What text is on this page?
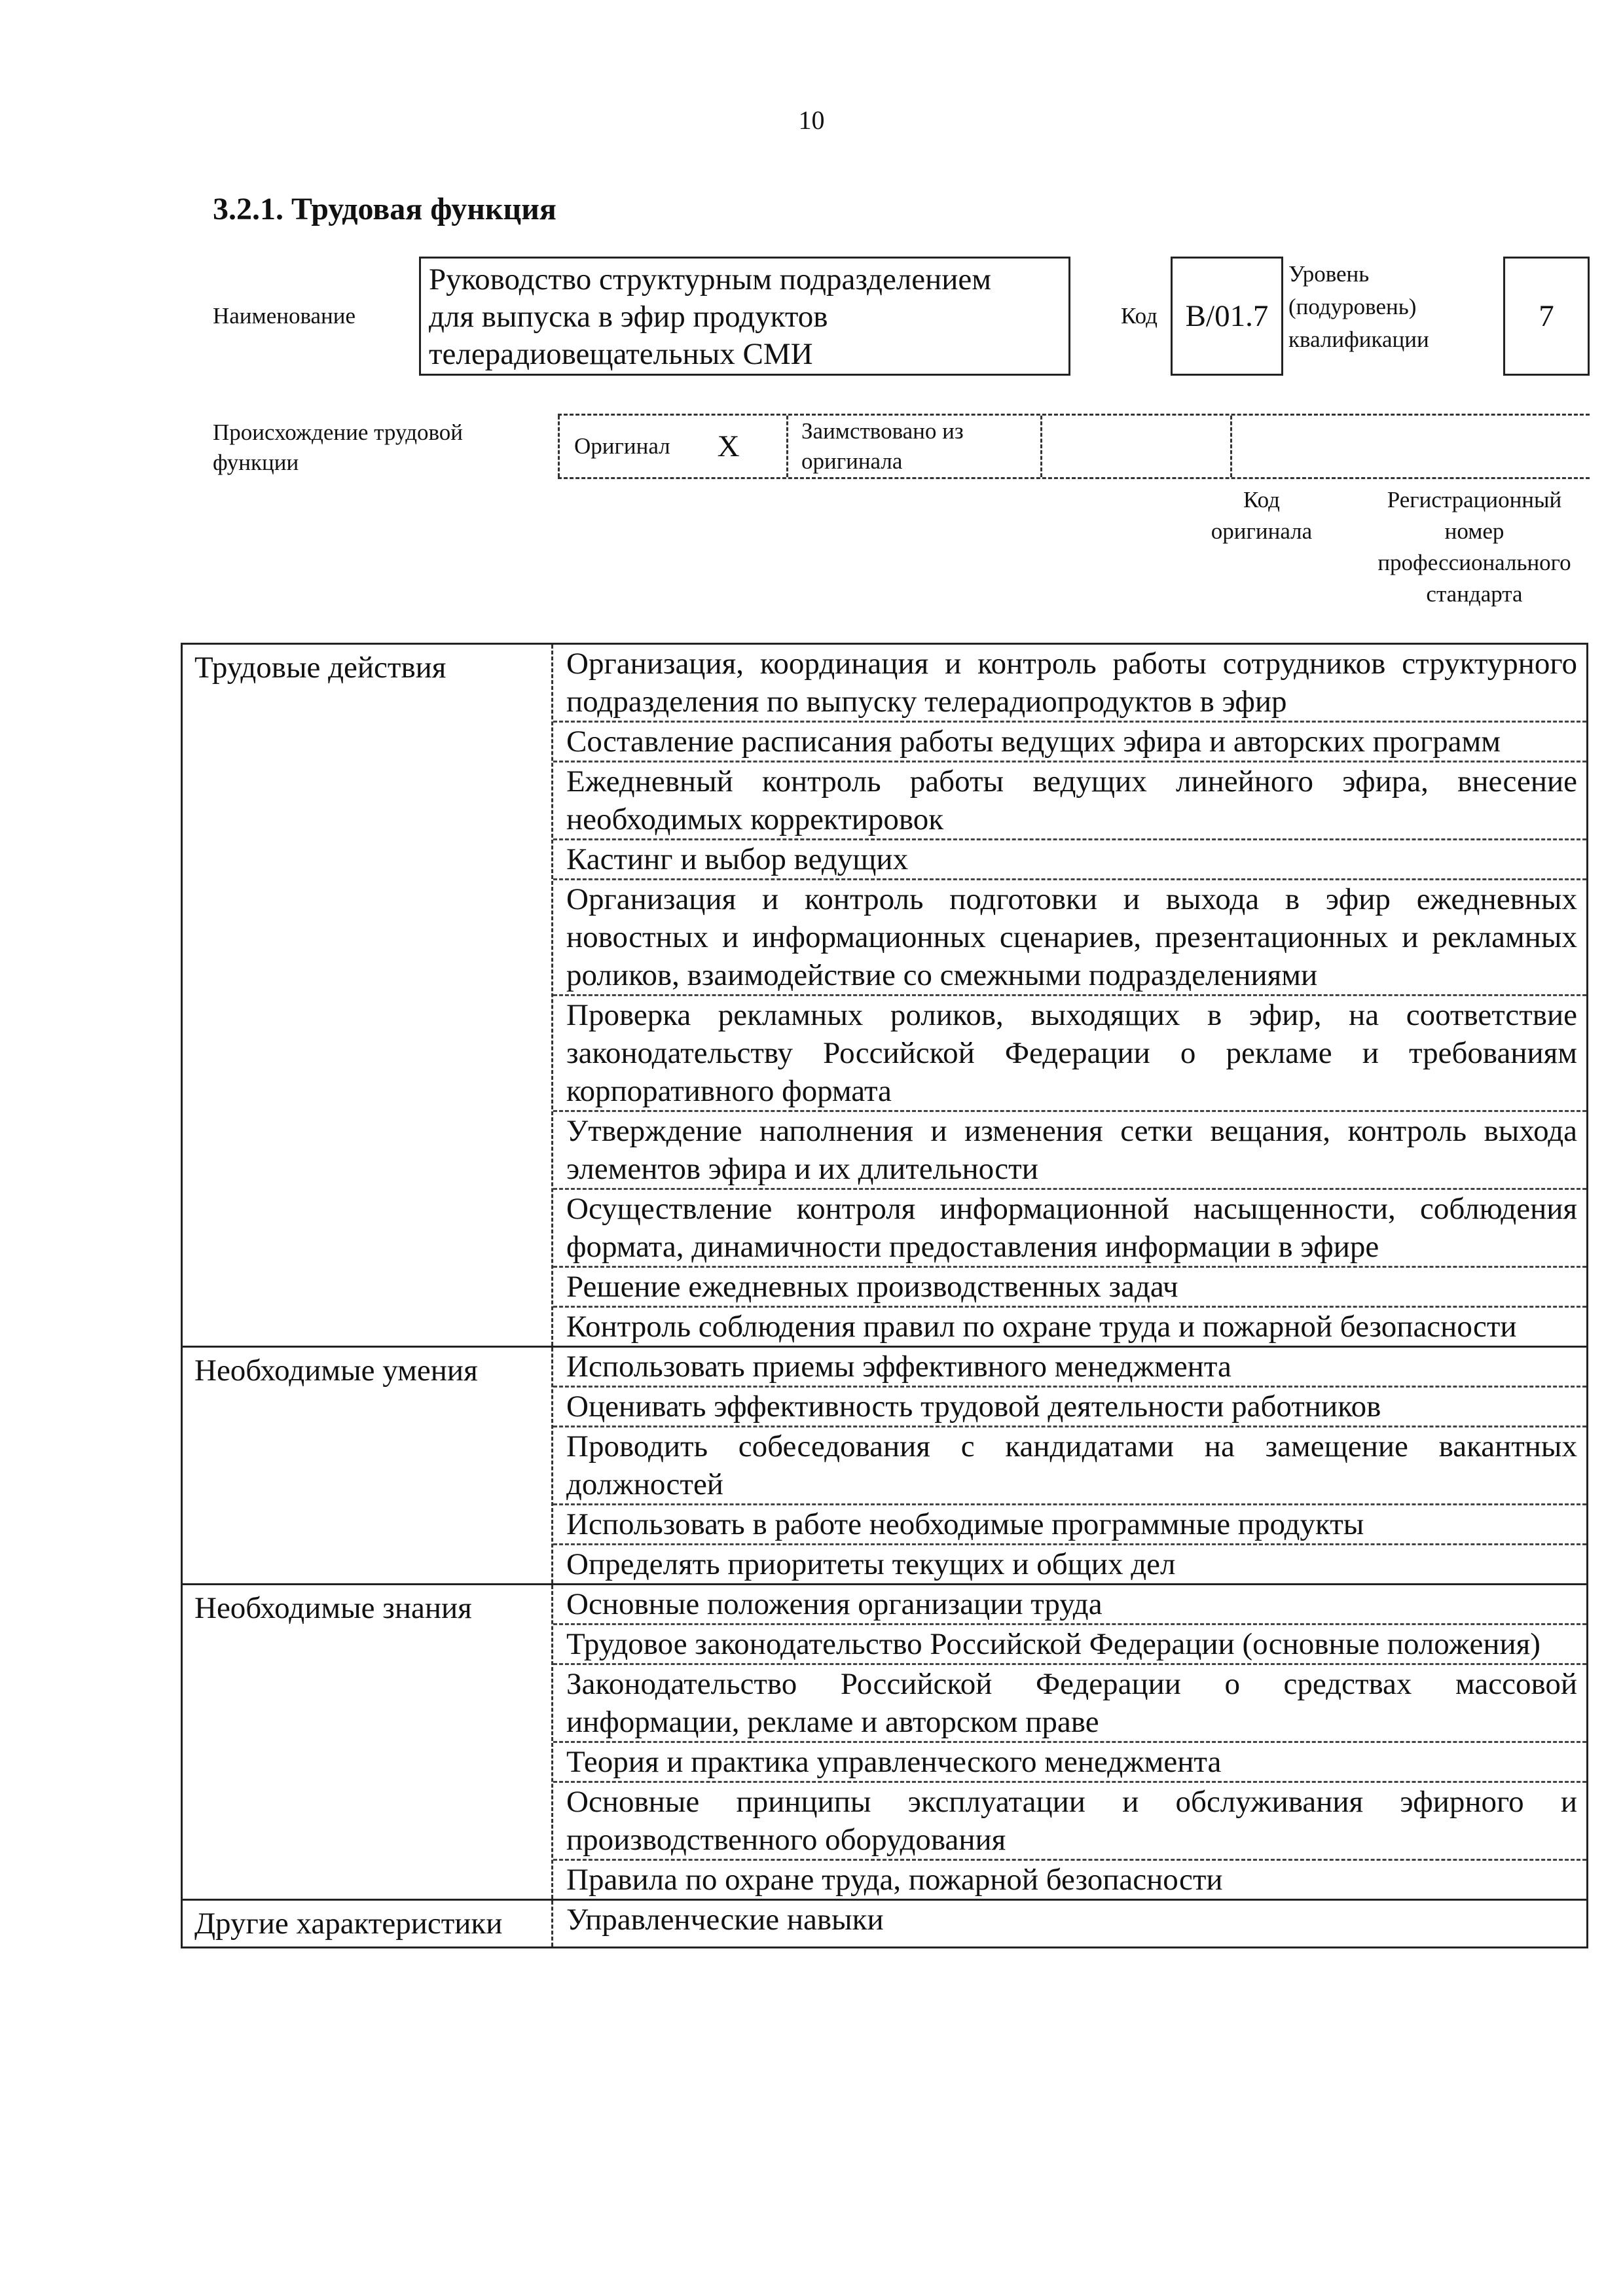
10
3.2.1. Трудовая функция
Наименование
Руководство структурным подразделением
для выпуска в эфир продуктов
телерадиовещательных СМИ
Код В/01.7
Уровень
(подуровень)
квалификации
7
Происхождение трудовой
функции
Оригинал X	Заимствовано из оригинала
Код
оригинала
Регистрационный
номер
профессионального
стандарта
Трудовые действия	Организация, координация и контроль работы сотрудников структурного подразделения по выпуску телерадиопродуктов в эфир
Составление расписания работы ведущих эфира и авторских программ
Ежедневный контроль работы ведущих линейного эфира, внесение необходимых корректировок
Кастинг и выбор ведущих
Организация и контроль подготовки и выхода в эфир ежедневных новостных и информационных сценариев, презентационных и рекламных роликов, взаимодействие со смежными подразделениями
Проверка рекламных роликов, выходящих в эфир, на соответствие законодательству Российской Федерации о рекламе и требованиям корпоративного формата
Утверждение наполнения и изменения сетки вещания, контроль выхода элементов эфира и их длительности
Осуществление контроля информационной насыщенности, соблюдения формата, динамичности предоставления информации в эфире
Решение ежедневных производственных задач
Контроль соблюдения правил по охране труда и пожарной безопасности
Необходимые умения	Использовать приемы эффективного менеджмента
Оценивать эффективность трудовой деятельности работников
Проводить собеседования с кандидатами на замещение вакантных должностей
Использовать в работе необходимые программные продукты
Определять приоритеты текущих и общих дел
Необходимые знания	Основные положения организации труда
Трудовое законодательство Российской Федерации (основные положения)
Законодательство Российской Федерации о средствах массовой информации, рекламе и авторском праве
Теория и практика управленческого менеджмента
Основные принципы эксплуатации и обслуживания эфирного и производственного оборудования
Правила по охране труда, пожарной безопасности
Другие характеристики	Управленческие навыки
